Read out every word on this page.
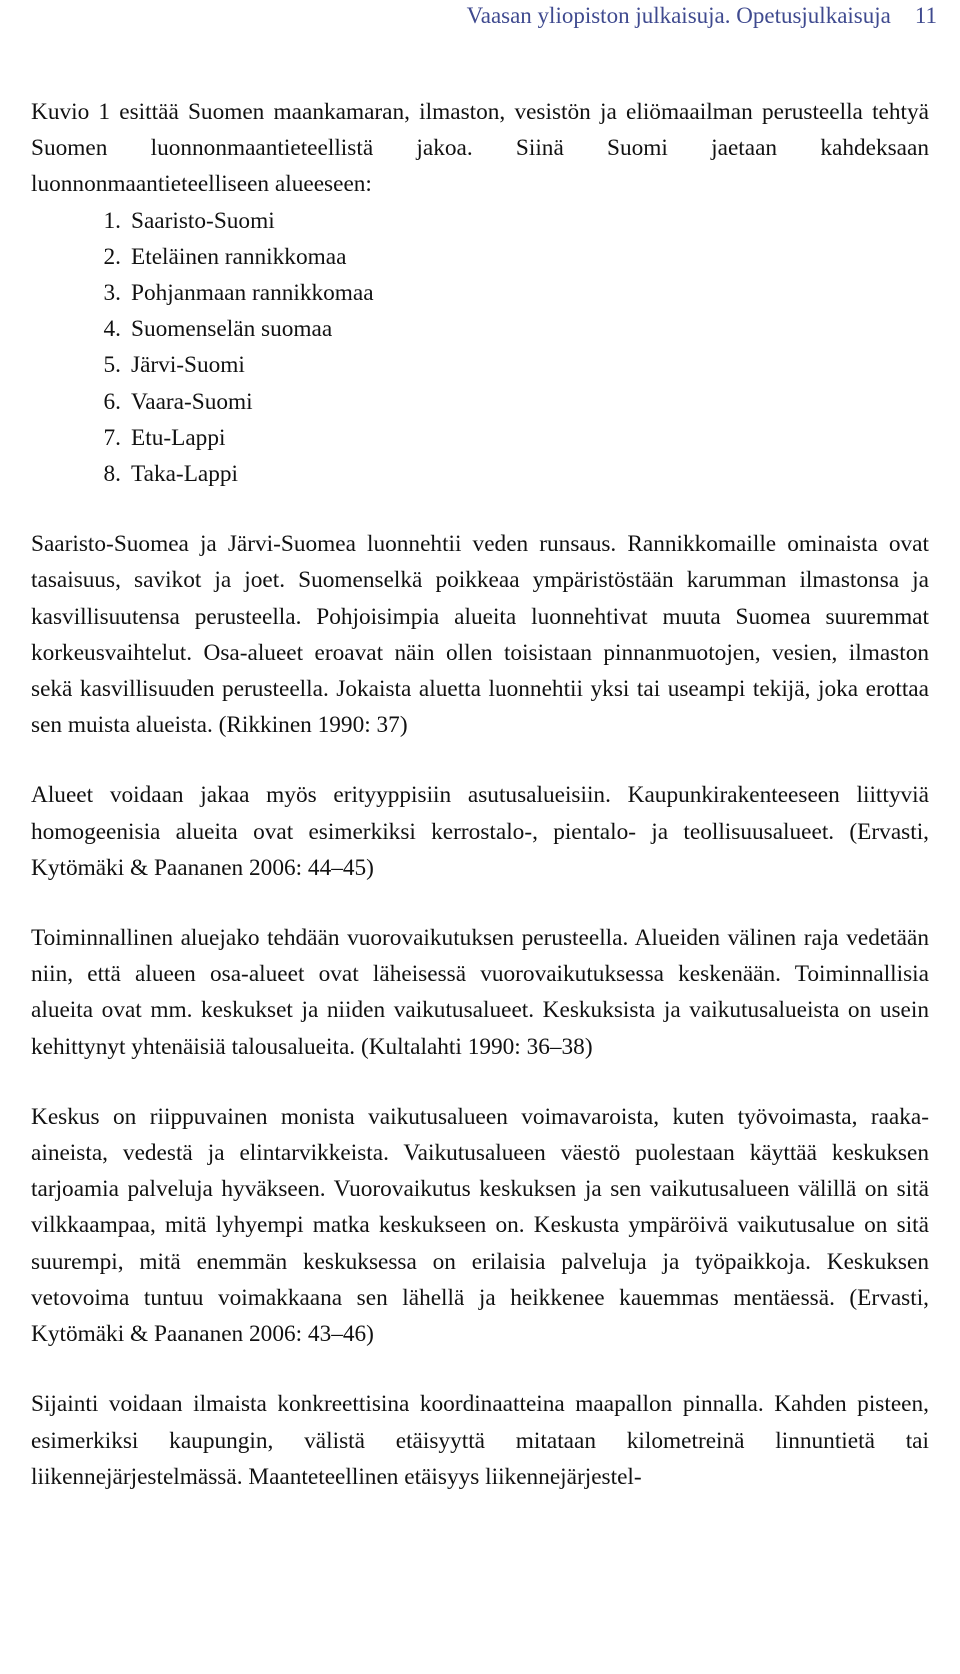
Vaasan yliopiston julkaisuja. Opetusjulkaisuja 11

Kuvio 1 esittää Suomen maankamaran, ilmaston, vesistön ja eliömaailman perusteella tehtyä Suomen luonnonmaantieteellistä jakoa. Siinä Suomi jaetaan kahdeksaan luonnonmaantieteelliseen alueeseen:

1. Saaristo-Suomi
2. Eteläinen rannikkomaa
3. Pohjanmaan rannikkomaa
4. Suomenselän suomaa
5. Järvi-Suomi
6. Vaara-Suomi
7. Etu-Lappi
8. Taka-Lappi

Saaristo-Suomea ja Järvi-Suomea luonnehtii veden runsaus. Rannikkomaille ominaista ovat tasaisuus, savikot ja joet. Suomenselkä poikkeaa ympäristöstään karumman ilmastonsa ja kasvillisuutensa perusteella. Pohjoisimpia alueita luonnehtivat muuta Suomea suuremmat korkeusvaihtelut. Osa-alueet eroavat näin ollen toisistaan pinnanmuotojen, vesien, ilmaston sekä kasvillisuuden perusteella. Jokaista aluetta luonnehtii yksi tai useampi tekijä, joka erottaa sen muista alueista. (Rikkinen 1990: 37)

Alueet voidaan jakaa myös erityyppisiin asutusalueisiin. Kaupunkirakenteeseen liittyviä homogeenisia alueita ovat esimerkiksi kerrostalo-, pientalo- ja teollisuusalueet. (Ervasti, Kytömäki & Paananen 2006: 44–45)

Toiminnallinen aluejako tehdään vuorovaikutuksen perusteella. Alueiden välinen raja vedetään niin, että alueen osa-alueet ovat läheisessä vuorovaikutuksessa keskenään. Toiminnallisia alueita ovat mm. keskukset ja niiden vaikutusalueet. Keskuksista ja vaikutusalueista on usein kehittynyt yhtenäisiä talousalueita. (Kultalahti 1990: 36–38)

Keskus on riippuvainen monista vaikutusalueen voimavaroista, kuten työvoimasta, raaka-aineista, vedestä ja elintarvikkeista. Vaikutusalueen väestö puolestaan käyttää keskuksen tarjoamia palveluja hyväkseen. Vuorovaikutus keskuksen ja sen vaikutusalueen välillä on sitä vilkkaampaa, mitä lyhyempi matka keskukseen on. Keskusta ympäröivä vaikutusalue on sitä suurempi, mitä enemmän keskuksessa on erilaisia palveluja ja työpaikkoja. Keskuksen vetovoima tuntuu voimakkaana sen lähellä ja heikkenee kauemmas mentäessä. (Ervasti, Kytömäki & Paananen 2006: 43–46)

Sijainti voidaan ilmaista konkreettisina koordinaatteina maapallon pinnalla. Kahden pisteen, esimerkiksi kaupungin, välistä etäisyyttä mitataan kilometreinä linnuntietä tai liikennejärjestelmässä. Maanteteellinen etäisyys liikennejärjestel-
